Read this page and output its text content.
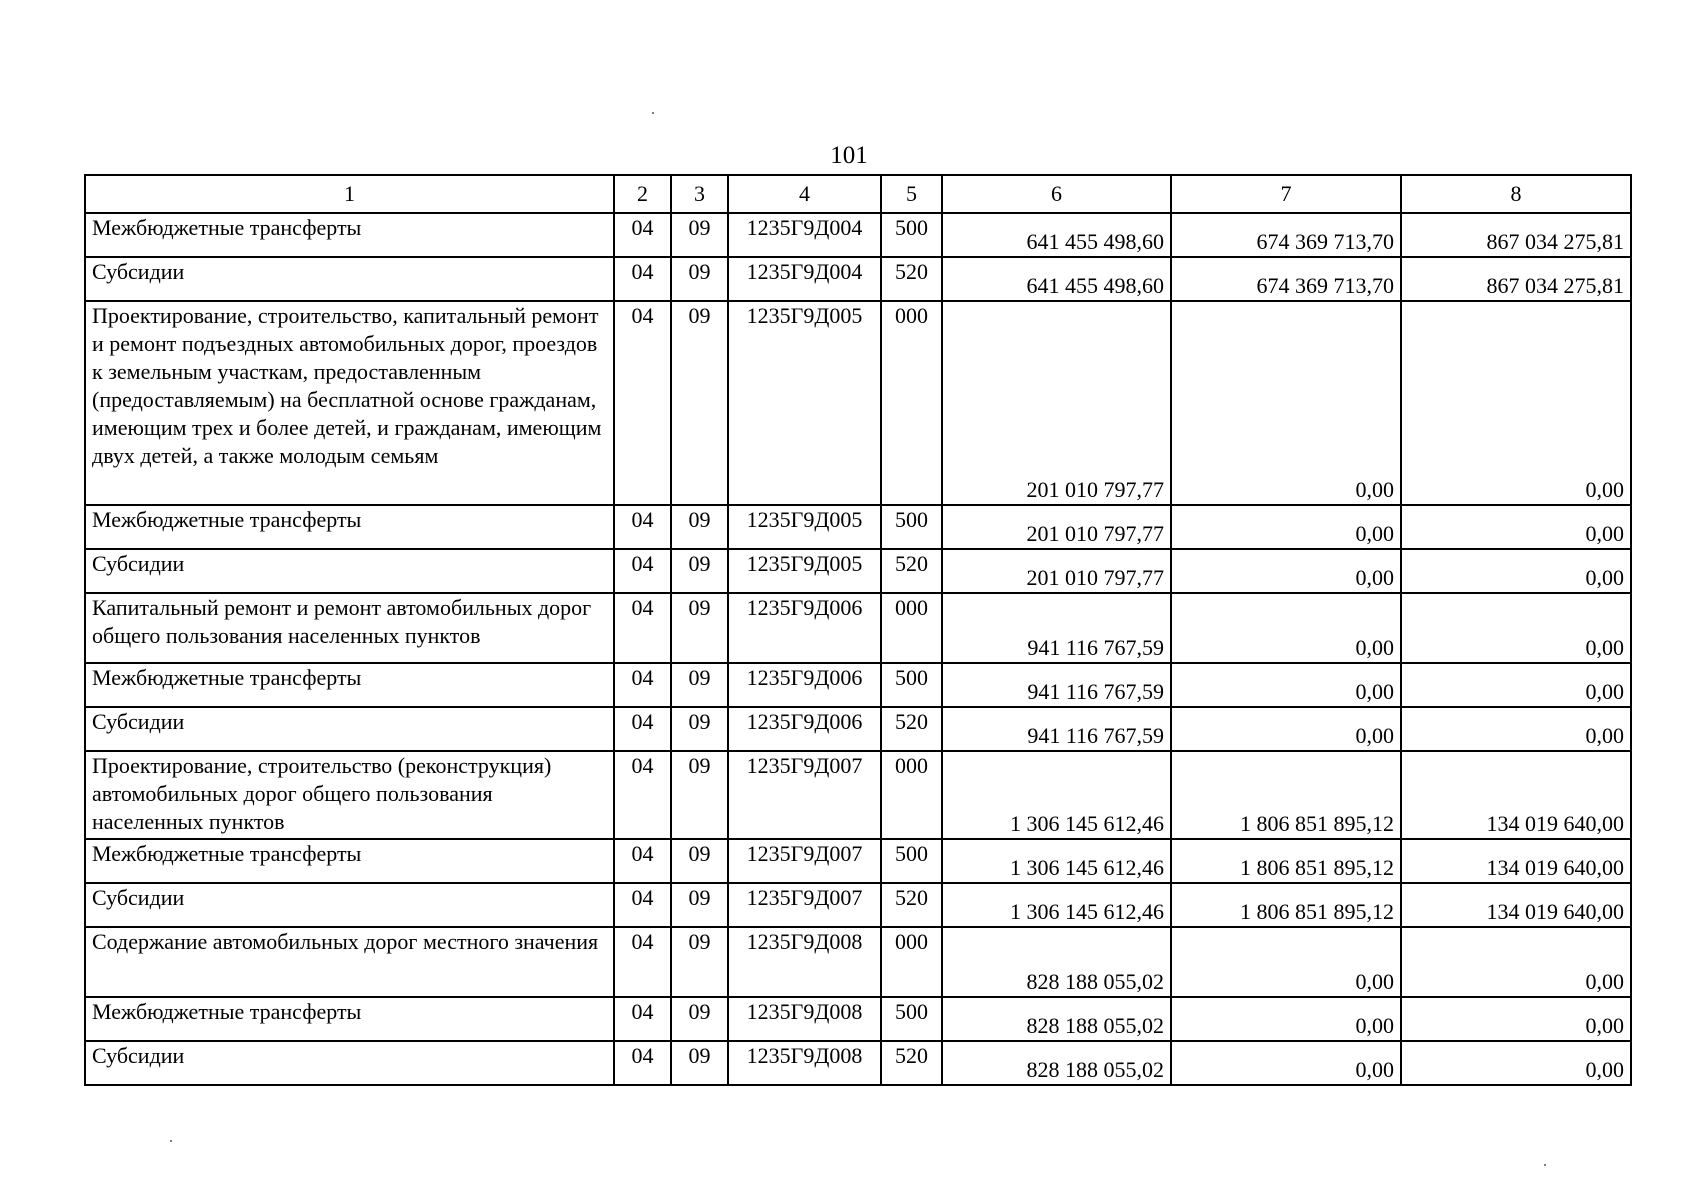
101
1	2	3	4	5	6	7	8
Межбюджетные трансферты	04	09	1235Г9Д004	500	641 455 498,60	674 369 713,70	867 034 275,81
Субсидии	04	09	1235Г9Д004	520	641 455 498,60	674 369 713,70	867 034 275,81
Проектирование, строительство, капитальный ремонт и ремонт подъездных автомобильных дорог, проездов к земельным участкам, предоставленным (предоставляемым) на бесплатной основе гражданам, имеющим трех и более детей, и гражданам, имеющим двух детей, а также молодым семьям	04	09	1235Г9Д005	000	201 010 797,77	0,00	0,00
Межбюджетные трансферты	04	09	1235Г9Д005	500	201 010 797,77	0,00	0,00
Субсидии	04	09	1235Г9Д005	520	201 010 797,77	0,00	0,00
Капитальный ремонт и ремонт автомобильных дорог общего пользования населенных пунктов	04	09	1235Г9Д006	000	941 116 767,59	0,00	0,00
Межбюджетные трансферты	04	09	1235Г9Д006	500	941 116 767,59	0,00	0,00
Субсидии	04	09	1235Г9Д006	520	941 116 767,59	0,00	0,00
Проектирование, строительство (реконструкция) автомобильных дорог общего пользования населенных пунктов	04	09	1235Г9Д007	000	1 306 145 612,46	1 806 851 895,12	134 019 640,00
Межбюджетные трансферты	04	09	1235Г9Д007	500	1 306 145 612,46	1 806 851 895,12	134 019 640,00
Субсидии	04	09	1235Г9Д007	520	1 306 145 612,46	1 806 851 895,12	134 019 640,00
Содержание автомобильных дорог местного значения	04	09	1235Г9Д008	000	828 188 055,02	0,00	0,00
Межбюджетные трансферты	04	09	1235Г9Д008	500	828 188 055,02	0,00	0,00
Субсидии	04	09	1235Г9Д008	520	828 188 055,02	0,00	0,00
